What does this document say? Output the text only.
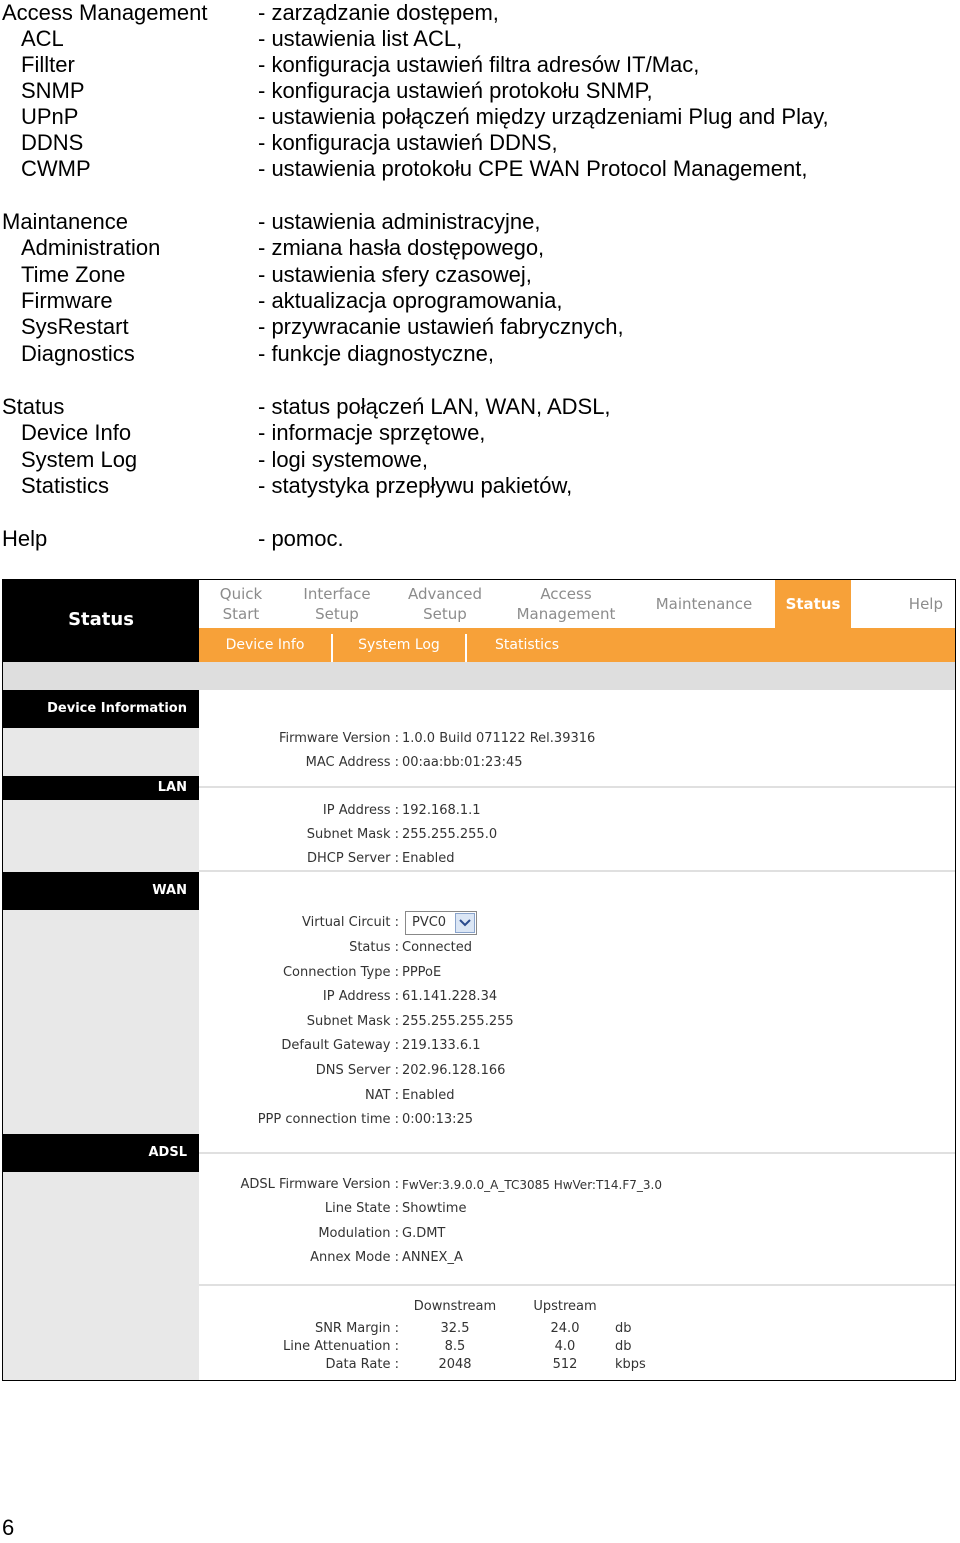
Access Management - zarządzanie dostępem,
ACL	- ustawienia list ACL,
Fillter	- konfiguracja ustawień filtra adresów IT/Mac,
SNMP	- konfiguracja ustawień protokołu SNMP,
UPnP	- ustawienia połączeń między urządzeniami Plug and Play,
DDNS	- konfiguracja ustawień DDNS,
CWMP	- ustawienia protokołu CPE WAN Protocol Management,
Maintanence	- ustawienia administracyjne,
Administration	- zmiana hasła dostępowego,
Time Zone	- ustawienia sfery czasowej,
Firmware	- aktualizacja oprogramowania,
SysRestart	- przywracanie ustawień fabrycznych,
Diagnostics	- funkcje diagnostyczne,
Status	- status połączeń LAN, WAN, ADSL,
Device Info	- informacje sprzętowe,
System Log	- logi systemowe,
Statistics	- statystyka przepływu pakietów,
Help	- pomoc.
Status
Quick
Start
Interface
Setup
Advanced
Setup
Access
Management
Maintenance Status	Help
Device Info	System Log	Statistics
Device Information
LAN
WAN
ADSL
Firmware Version : 1.0.0 Build 071122 Rel.39316
MAC Address : 00:aa:bb:01:23:45
IP Address : 192.168.1.1
Subnet Mask : 255.255.255.0
DHCP Server : Enabled
Virtual Circuit : PVC0
Status : Connected
Connection Type : PPPoE
IP Address : 61.141.228.34
Subnet Mask : 255.255.255.255
Default Gateway : 219.133.6.1
DNS Server : 202.96.128.166
NAT : Enabled
PPP connection time : 0:00:13:25
ADSL Firmware Version : FwVer:3.9.0.0_A_TC3085 HwVer:T14.F7_3.0
Line State : Showtime
Modulation : G.DMT
Annex Mode : ANNEX_A
Downstream	Upstream
SNR Margin :	32.5	24.0	db
Line Attenuation :	8.5	4.0	db
Data Rate :	2048	512	kbps
6
